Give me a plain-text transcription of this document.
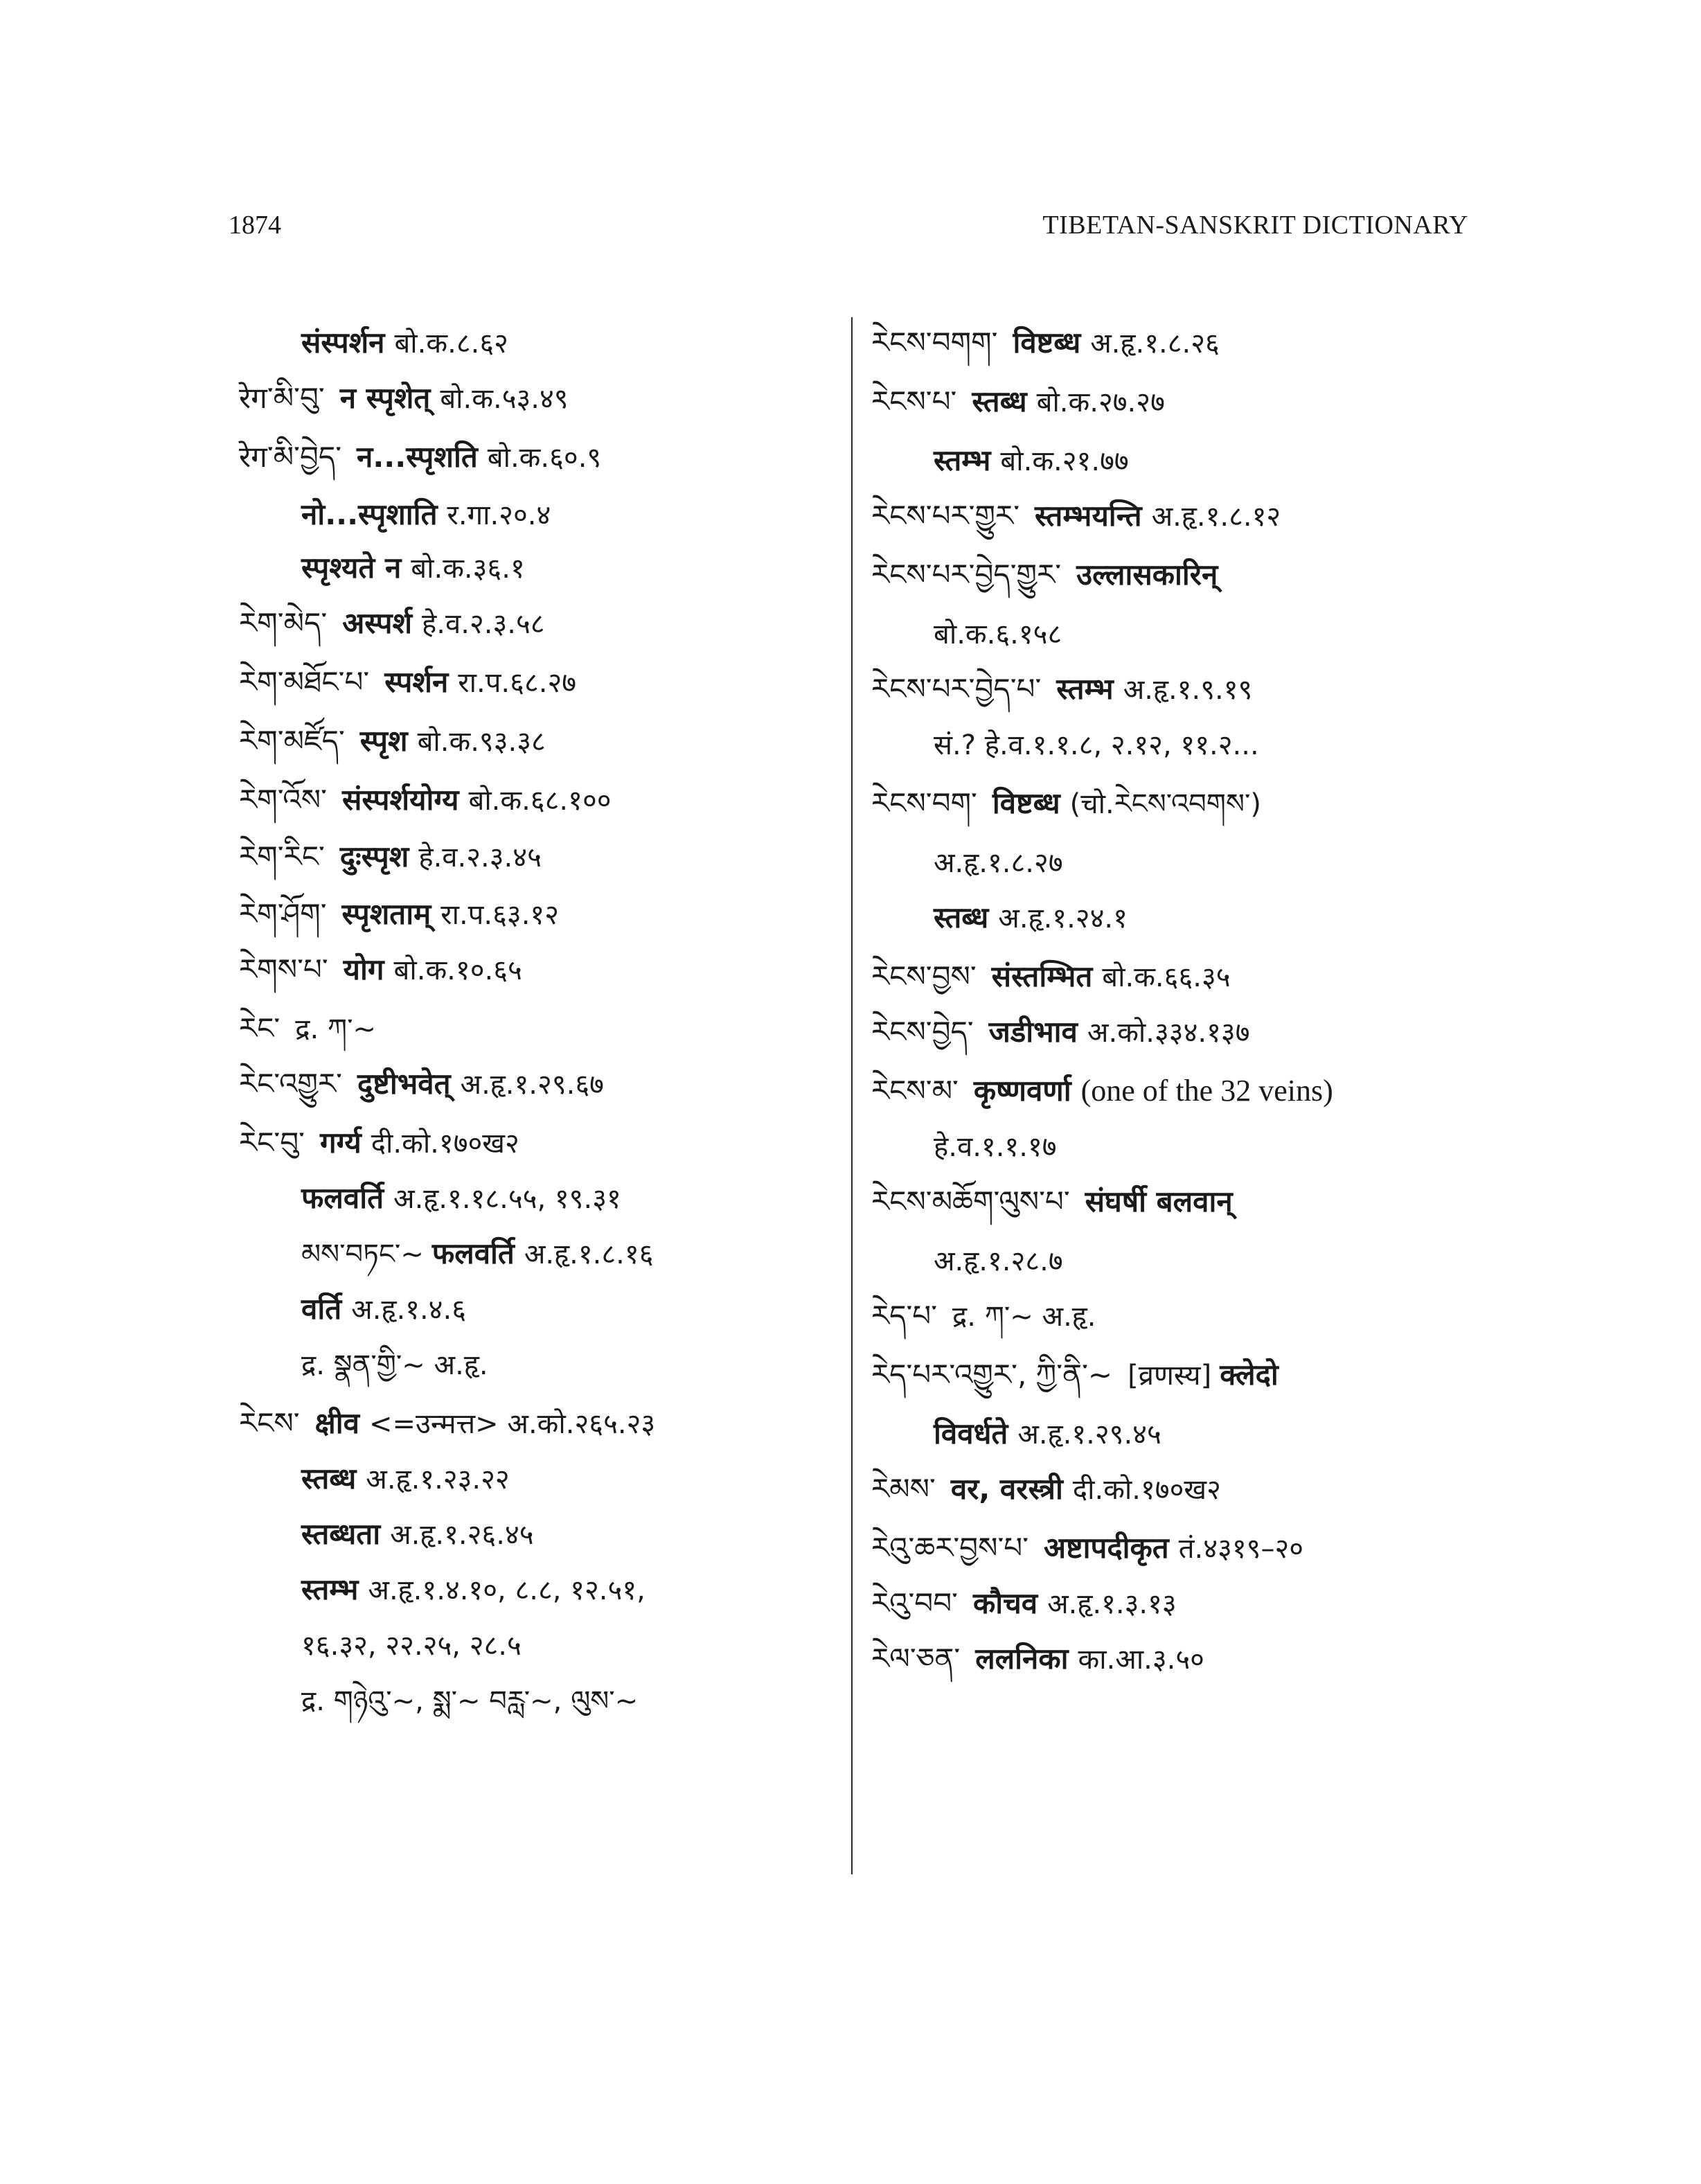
1874	TIBETAN-SANSKRIT DICTIONARY
संस्पर्शन बो.क.८.६२
रेग་མི་བུ་ न स्पृशेत् बो.क.५३.४९
रेग་མི་བྱེད་ न...स्पृशति बो.क.६०.९
नो...स्पृशाति र.गा.२०.४
स्पृश्यते न बो.क.३६.१
རེག་མེད་ अस्पर्श हे.व.२.३.५८
རེག་མཐོང་པ་ स्पर्शन रा.प.६८.२७
རེག་མཛོད་ स्पृश बो.क.९३.३८
རེག་འོས་ संस्पर्शयोग्य बो.क.६८.१००
རེག་རིང་ दुःस्पृश हे.व.२.३.४५
རེག་ཤོག་ स्पृशताम् रा.प.६३.१२
རེགས་པ་ योग बो.क.१०.६५
རེང་ द्र. ཀ་~
རེང་འགྱུར་ दुष्टीभवेत् अ.हृ.१.२९.६७
རེང་བུ་ गर्ग्य दी.को.१७०ख२
फलवर्ति अ.हृ.१.१८.५५, १९.३१
མས་བཏང་~ फलवर्ति अ.हृ.१.८.१६
वर्ति अ.हृ.१.४.६
द्र. སྣན་གྱི་~ अ.हृ.
རེངས་ क्षीव <=उन्मत्त> अ.को.२६५.२३
स्तब्ध अ.हृ.१.२३.२२
स्तब्धता अ.हृ.१.२६.४५
स्तम्भ अ.हृ.१.४.१०, ८.८, १२.५१,
१६.३२, २२.२५, २८.५
द्र. གཉེའུ་~, སྨ་~ བརླ་~, ལུས་~
རེངས་བགག་ विष्टब्ध अ.हृ.१.८.२६
རེངས་པ་ स्तब्ध बो.क.२७.२७
स्तम्भ बो.क.२१.७७
རེངས་པར་གྱུར་ स्तम्भयन्ति अ.हृ.१.८.१२
རེངས་པར་བྱེད་གྱུར་ उल्लासकारिन्
बो.क.६.१५८
རེངས་པར་བྱེད་པ་ स्तम्भ अ.हृ.१.९.१९
सं.? हे.व.१.१.८, २.१२, ११.२...
རེངས་བག་ विष्टब्ध (चो.རེངས་འབགས་)
अ.हृ.१.८.२७
स्तब्ध अ.हृ.१.२४.१
རེངས་བྱས་ संस्तम्भित बो.क.६६.३५
རེངས་བྱེད་ जडीभाव अ.को.३३४.१३७
རེངས་མ་ कृष्णवर्णा (one of the 32 veins)
हे.व.१.१.१७
རེངས་མཆོག་ལུས་པ་ संघर्षी बलवान्
अ.हृ.१.२८.७
རེད་པ་ द्र. ཀ་~ अ.हृ.
རེད་པར་འགྱུར་, ཀྱི་ནི་~ [व्रणस्य] क्लेदो
विवर्धते अ.हृ.१.२९.४५
རེམས་ वर, वरस्त्री दी.को.१७०ख२
རེའུ་ཆར་བྱས་པ་ अष्टापदीकृत तं.४३१९–२०
རེའུ་བབ་ कौचव अ.हृ.१.३.१३
རེལ་ཅན་ ललनिका का.आ.३.५०
